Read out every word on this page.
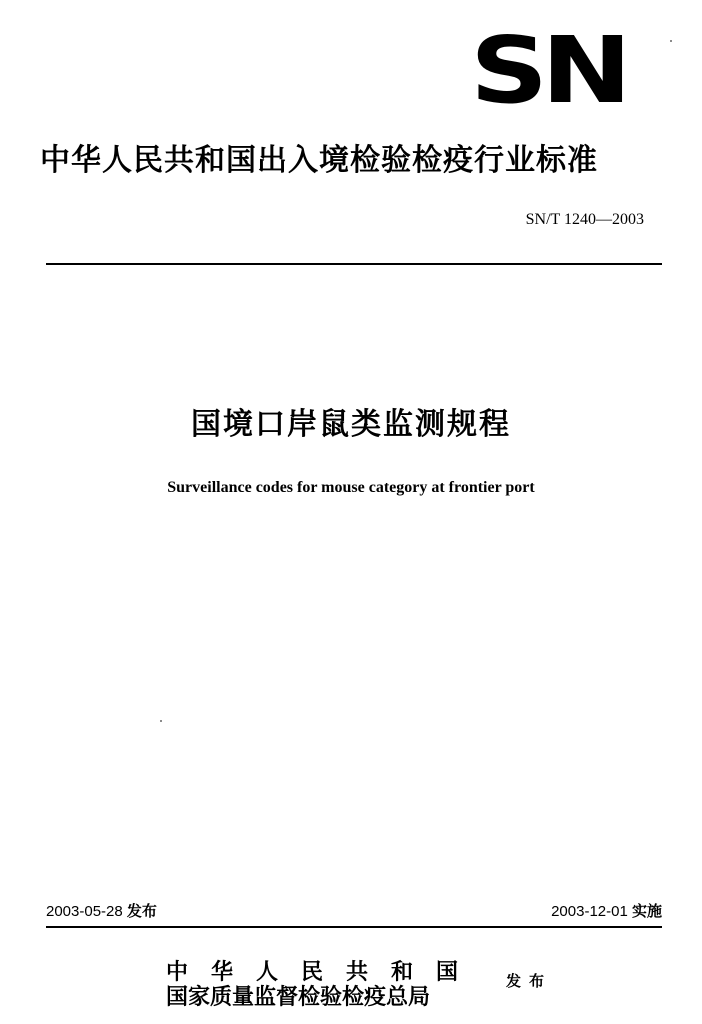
SN
中华人民共和国出入境检验检疫行业标准
SN/T 1240—2003
国境口岸鼠类监测规程
Surveillance codes for mouse category at frontier port
2003-05-28 发布	2003-12-01 实施
中华人民共和国
国家质量监督检验检疫总局
发布
